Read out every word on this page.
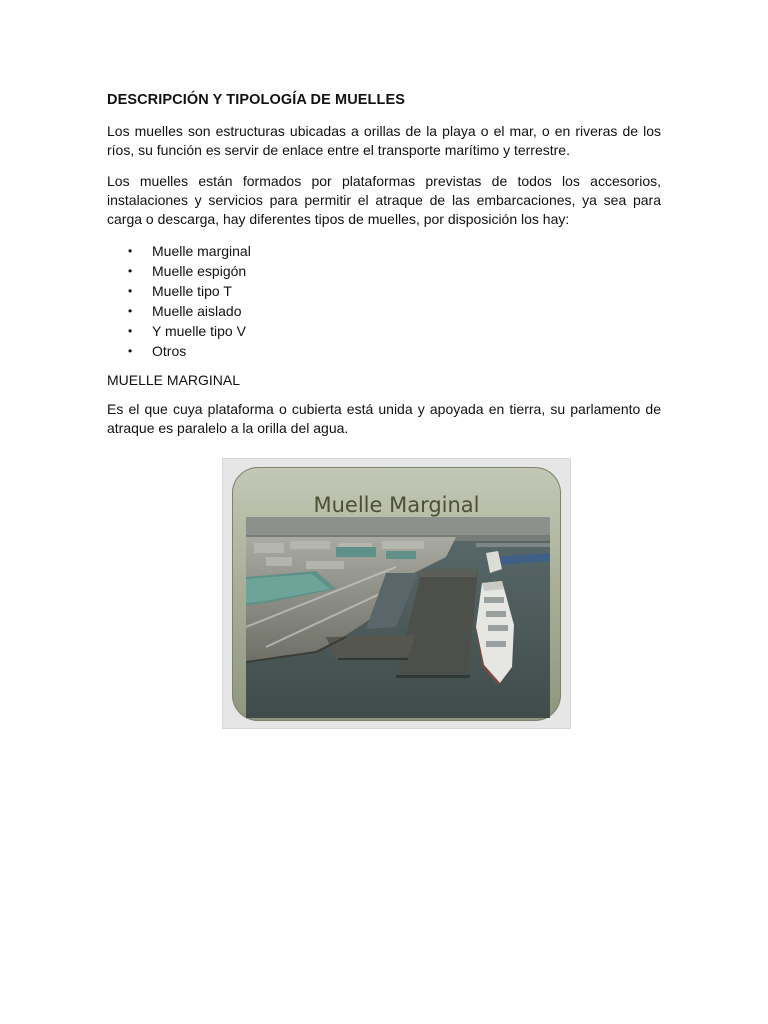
DESCRIPCIÓN Y TIPOLOGÍA DE MUELLES

Los muelles son estructuras ubicadas a orillas de la playa o el mar, o en riveras de los ríos, su función es servir de enlace entre el transporte marítimo y terrestre.

Los muelles están formados por plataformas previstas de todos los accesorios, instalaciones y servicios para permitir el atraque de las embarcaciones, ya sea para carga o descarga, hay diferentes tipos de muelles, por disposición los hay:

• Muelle marginal
• Muelle espigón
• Muelle tipo T
• Muelle aislado
• Y muelle tipo V
• Otros
MUELLE MARGINAL

Es el que cuya plataforma o cubierta está unida y apoyada en tierra, su parlamento de atraque es paralelo a la orilla del agua.

Muelle Marginal
